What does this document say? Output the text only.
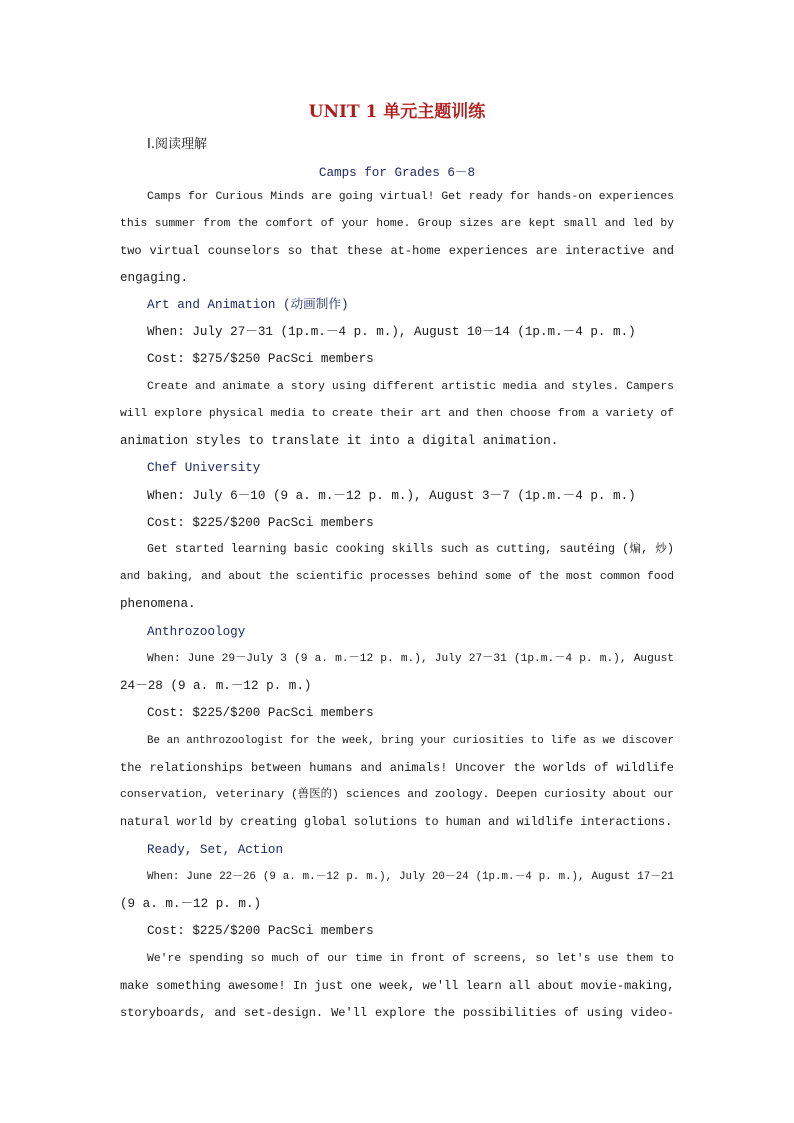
UNIT 1 单元主题训练
Ⅰ.阅读理解
Camps for Grades 6－8
Camps for Curious Minds are going virtual! Get ready for hands-on experiences
this summer from the comfort of your home. Group sizes are kept small and led by
two virtual counselors so that these at-home experiences are interactive and
engaging.
Art and Animation (动画制作)
When: July 27－31 (1p.m.－4 p. m.), August 10－14 (1p.m.－4 p. m.)
Cost: $275/$250 PacSci members
Create and animate a story using different artistic media and styles. Campers
will explore physical media to create their art and then choose from a variety of
animation styles to translate it into a digital animation.
Chef University
When: July 6－10 (9 a. m.－12 p. m.), August 3－7 (1p.m.－4 p. m.)
Cost: $225/$200 PacSci members
Get started learning basic cooking skills such as cutting, sautéing (煸, 炒)
and baking, and about the scientific processes behind some of the most common food
phenomena.
Anthrozoology
When: June 29－July 3 (9 a. m.－12 p. m.), July 27－31 (1p.m.－4 p. m.), August
24－28 (9 a. m.－12 p. m.)
Cost: $225/$200 PacSci members
Be an anthrozoologist for the week, bring your curiosities to life as we discover
the relationships between humans and animals! Uncover the worlds of wildlife
conservation, veterinary (兽医的) sciences and zoology. Deepen curiosity about our
natural world by creating global solutions to human and wildlife interactions.
Ready, Set, Action
When: June 22－26 (9 a. m.－12 p. m.), July 20－24 (1p.m.－4 p. m.), August 17－21
(9 a. m.－12 p. m.)
Cost: $225/$200 PacSci members
We're spending so much of our time in front of screens, so let's use them to
make something awesome! In just one week, we'll learn all about movie-making,
storyboards, and set-design. We'll explore the possibilities of using video-
